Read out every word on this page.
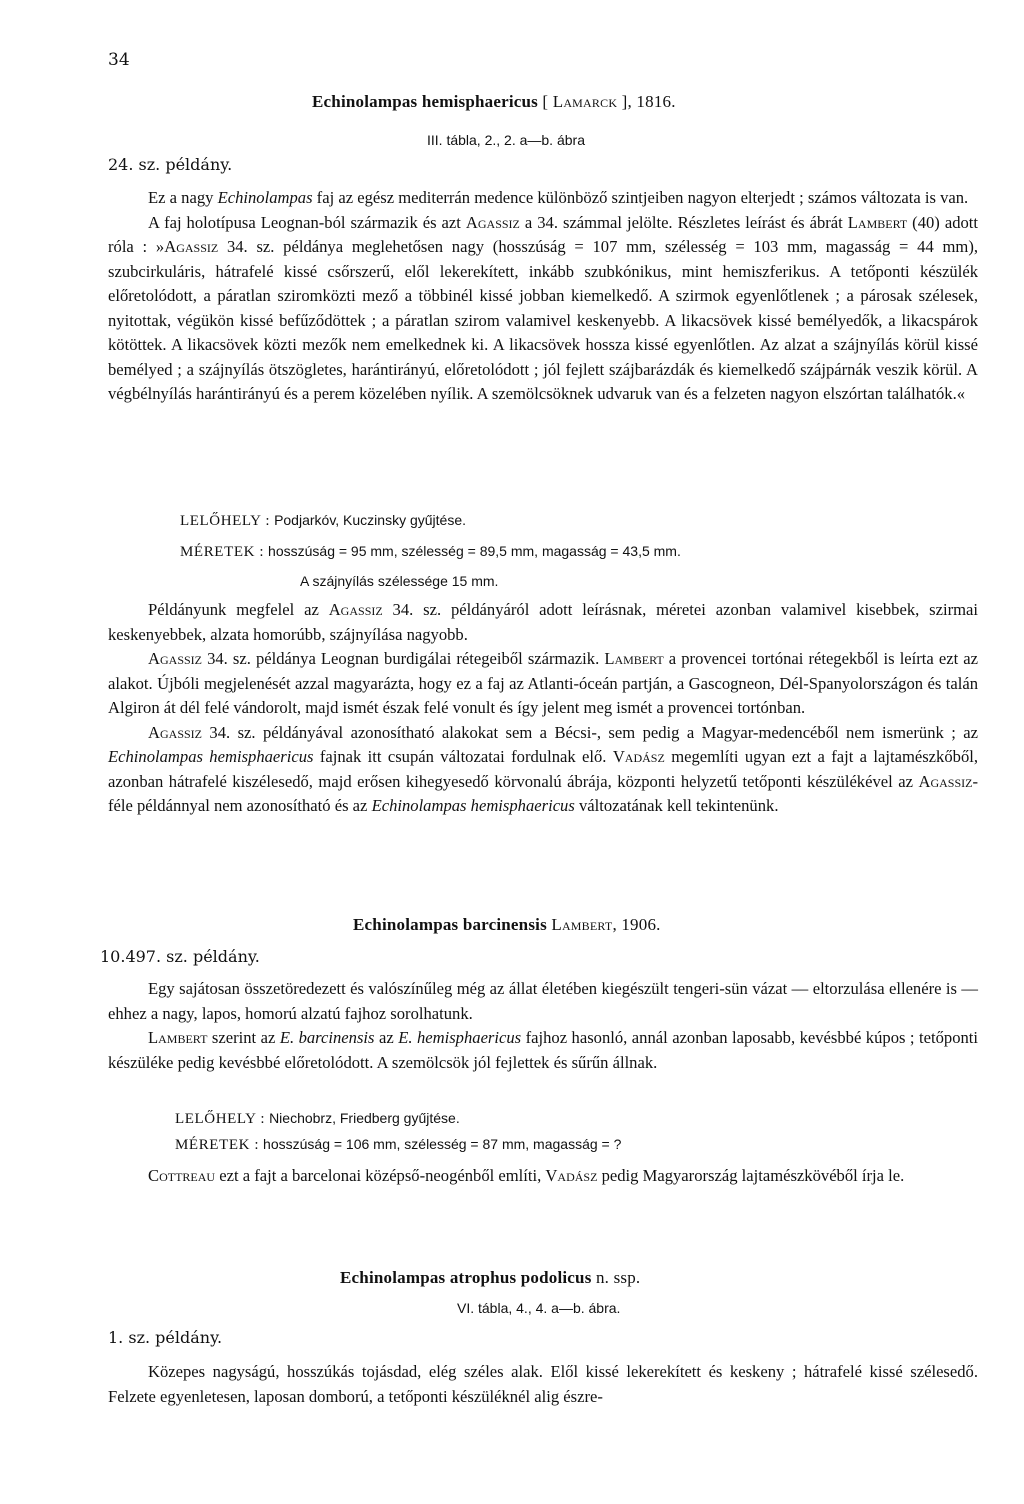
34
Echinolampas hemisphaericus [ Lamarck ], 1816.
III. tábla, 2., 2. a—b. ábra
24. sz. példány.

Ez a nagy Echinolampas faj az egész mediterrán medence különböző szintjeiben nagyon elterjedt ; számos változata is van.

A faj holotípusa Leognan-ból származik és azt Agassiz a 34. számmal jelölte. Részletes leírást és ábrát Lambert (40) adott róla : »Agassiz 34. sz. példánya meglehetősen nagy (hosszúság = 107 mm, szélesség = 103 mm, magasság = 44 mm), szubcirkuláris, hátrafelé kissé csőrszerű, elől lekerekített, inkább szubkónikus, mint hemiszferikus. A tetőponti készülék előretolódott, a páratlan sziromközti mező a többinél kissé jobban kiemelkedő. A szirmok egyenlőtlenek ; a párosak szélesek, nyitottak, végükön kissé befűződöttek ; a páratlan szirom valamivel keskenyebb. A likacsövek kissé bemélyedők, a likacspárok kötöttek. A likacsövek közti mezők nem emelkednek ki. A likacsövek hossza kissé egyenlőtlen. Az alzat a szájnyílás körül kissé bemélyed ; a szájnyílás ötszögletes, harántirányú, előretolódott ; jól fejlett szájbarázdák és kiemelkedő szájpárnák veszik körül. A végbélnyílás harántirányú és a perem közelében nyílik. A szemölcsöknek udvaruk van és a felzeten nagyon elszórtan találhatók.«

LELŐHELY : Podjarkóv, Kuczinsky gyűjtése.
MÉRETEK : hosszúság = 95 mm, szélesség = 89,5 mm, magasság = 43,5 mm.
A szájnyílás szélessége 15 mm.

Példányunk megfelel az Agassiz 34. sz. példányáról adott leírásnak, méretei azonban valamivel kisebbek, szirmai keskenyebbek, alzata homorúbb, szájnyílása nagyobb.

Agassiz 34. sz. példánya Leognan burdigálai rétegeiből származik. Lambert a provencei tortónai rétegekből is leírta ezt az alakot. Újbóli megjelenését azzal magyarázta, hogy ez a faj az Atlanti-óceán partján, a Gascogneon, Dél-Spanyolországon és talán Algiron át dél felé vándorolt, majd ismét észak felé vonult és így jelent meg ismét a provencei tortónban.

Agassiz 34. sz. példányával azonosítható alakokat sem a Bécsi-, sem pedig a Magyar-medencéből nem ismerünk ; az Echinolampas hemisphaericus fajnak itt csupán változatai fordulnak elő. Vadász megemlíti ugyan ezt a fajt a lajtamészkőből, azonban hátrafelé kiszélesedő, majd erősen kihegyesedő körvonalú ábrája, központi helyzetű tetőponti készülékével az Agassiz-féle példánnyal nem azonosítható és az Echinolampas hemisphaericus változatának kell tekintenünk.

Echinolampas barcinensis Lambert, 1906.
10.497. sz. példány.

Egy sajátosan összetöredezett és valószínűleg még az állat életében kiegészült tengeri-sün vázat — eltorzulása ellenére is — ehhez a nagy, lapos, homorú alzatú fajhoz sorolhatunk.

Lambert szerint az E. barcinensis az E. hemisphaericus fajhoz hasonló, annál azonban laposabb, kevésbbé kúpos ; tetőponti készüléke pedig kevésbbé előretolódott. A szemölcsök jól fejlettek és sűrűn állnak.

LELŐHELY : Niechobrz, Friedberg gyűjtése.
MÉRETEK : hosszúság = 106 mm, szélesség = 87 mm, magasság = ?

Cottreau ezt a fajt a barcelonai középső-neogénből említi, Vadász pedig Magyarország lajtamészkövéből írja le.

Echinolampas atrophus podolicus n. ssp.
VI. tábla, 4., 4. a—b. ábra.
1. sz. példány.

Közepes nagyságú, hosszúkás tojásdad, elég széles alak. Elől kissé lekerekített és keskeny ; hátrafelé kissé szélesedő. Felzete egyenletesen, laposan domború, a tetőponti készüléknél alig észre-
